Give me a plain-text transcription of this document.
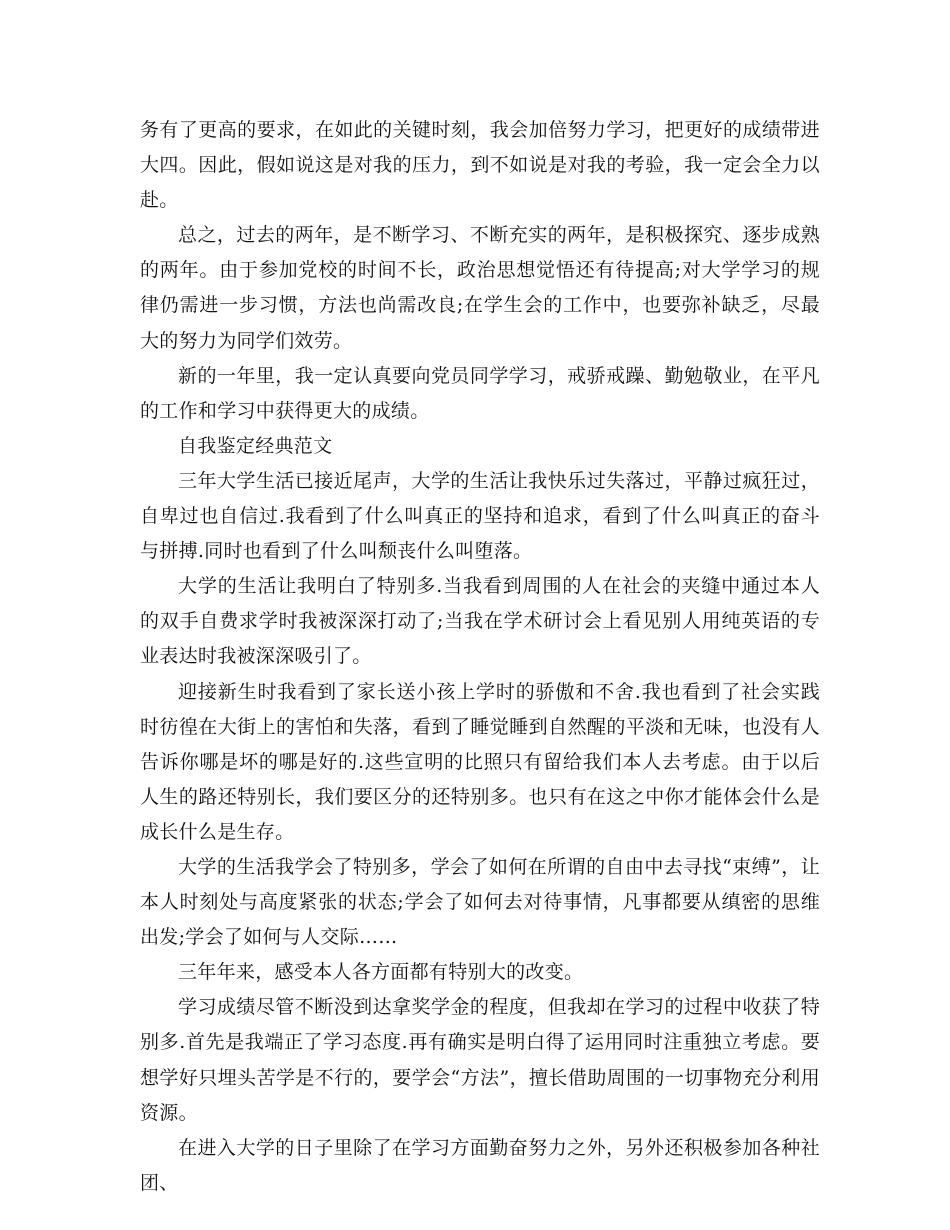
务有了更高的要求，在如此的关键时刻，我会加倍努力学习，把更好的成绩带进大四。因此，假如说这是对我的压力，到不如说是对我的考验，我一定会全力以赴。

总之，过去的两年，是不断学习、不断充实的两年，是积极探究、逐步成熟的两年。由于参加党校的时间不长，政治思想觉悟还有待提高;对大学学习的规律仍需进一步习惯，方法也尚需改良;在学生会的工作中，也要弥补缺乏，尽最大的努力为同学们效劳。

新的一年里，我一定认真要向党员同学学习，戒骄戒躁、勤勉敬业，在平凡的工作和学习中获得更大的成绩。

自我鉴定经典范文

三年大学生活已接近尾声，大学的生活让我快乐过失落过，平静过疯狂过，自卑过也自信过.我看到了什么叫真正的坚持和追求，看到了什么叫真正的奋斗与拼搏.同时也看到了什么叫颓丧什么叫堕落。

大学的生活让我明白了特别多.当我看到周围的人在社会的夹缝中通过本人的双手自费求学时我被深深打动了;当我在学术研讨会上看见别人用纯英语的专业表达时我被深深吸引了。

迎接新生时我看到了家长送小孩上学时的骄傲和不舍.我也看到了社会实践时彷徨在大街上的害怕和失落，看到了睡觉睡到自然醒的平淡和无味，也没有人告诉你哪是坏的哪是好的.这些宣明的比照只有留给我们本人去考虑。由于以后人生的路还特别长，我们要区分的还特别多。也只有在这之中你才能体会什么是成长什么是生存。

大学的生活我学会了特别多，学会了如何在所谓的自由中去寻找“束缚”，让本人时刻处与高度紧张的状态;学会了如何去对待事情，凡事都要从缜密的思维出发;学会了如何与人交际……

三年年来，感受本人各方面都有特别大的改变。

学习成绩尽管不断没到达拿奖学金的程度，但我却在学习的过程中收获了特别多.首先是我端正了学习态度.再有确实是明白得了运用同时注重独立考虑。要想学好只埋头苦学是不行的，要学会“方法”，擅长借助周围的一切事物充分利用资源。

在进入大学的日子里除了在学习方面勤奋努力之外，另外还积极参加各种社团、
